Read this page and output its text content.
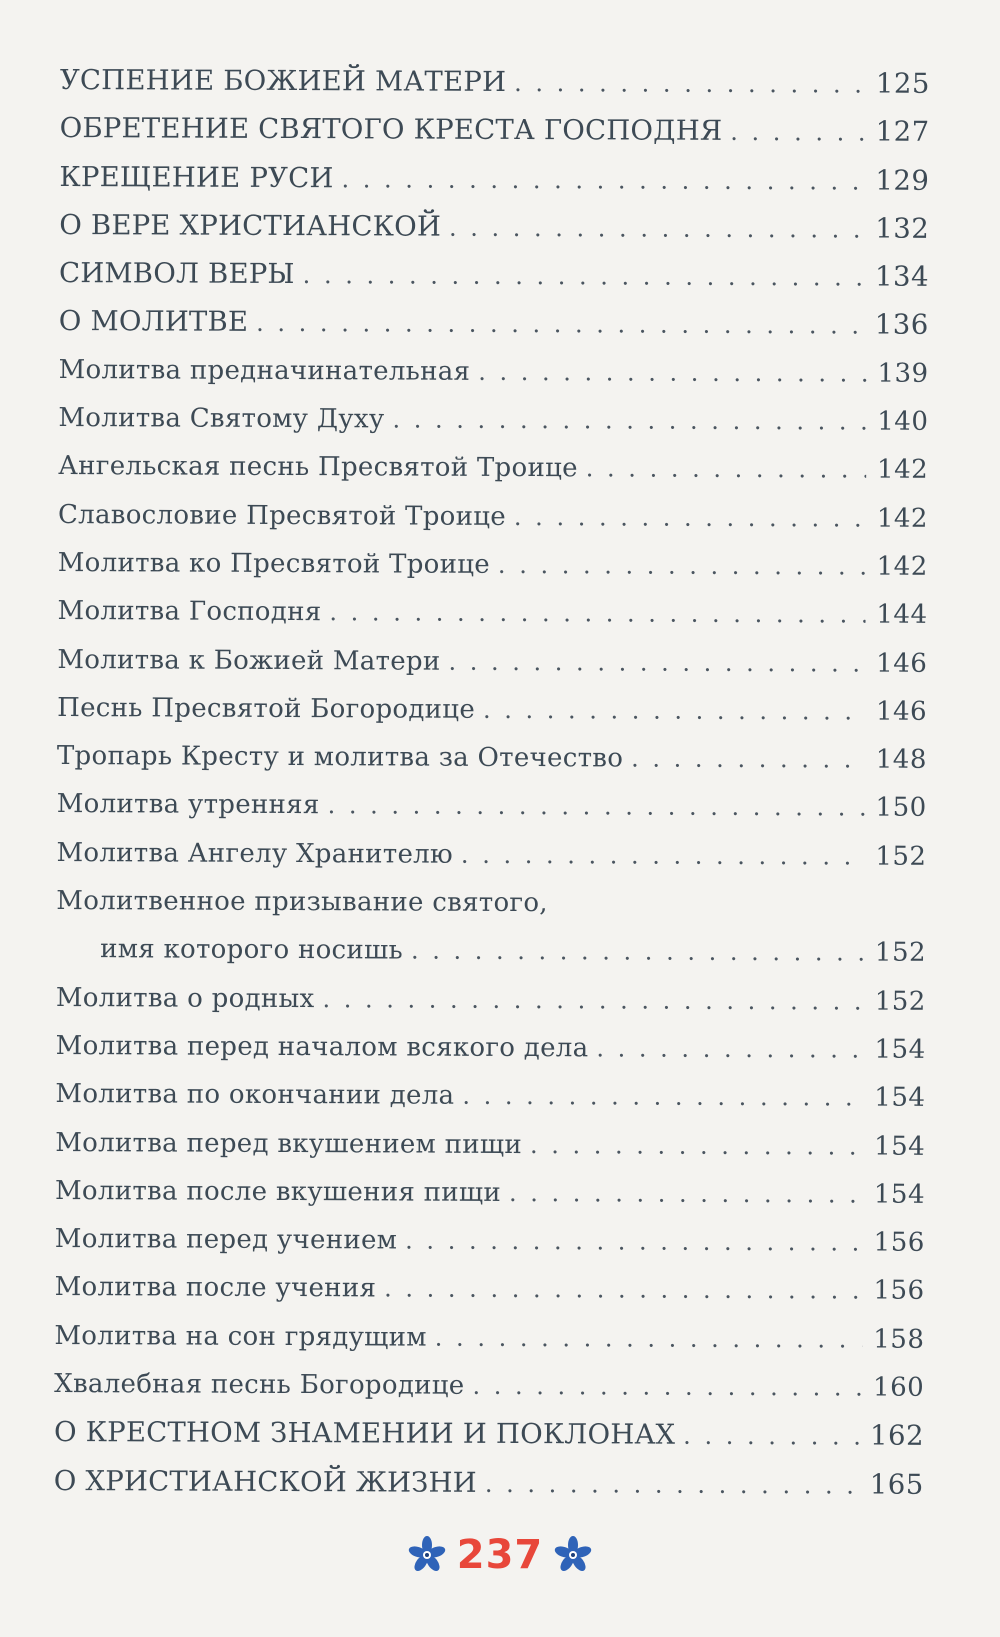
УСПЕНИЕ БОЖИЕЙ МАТЕРИ . . .	125
ОБРЕТЕНИЕ СВЯТОГО КРЕСТА ГОСПОДНЯ . . .	127
КРЕЩЕНИЕ РУСИ . . .	129
О ВЕРЕ ХРИСТИАНСКОЙ . . .	132
СИМВОЛ ВЕРЫ . . .	134
О МОЛИТВЕ . . .	136
Молитва предначинательная . . .	139
Молитва Святому Духу . . .	140
Ангельская песнь Пресвятой Троице . . .	142
Славословие Пресвятой Троице . . .	142
Молитва ко Пресвятой Троице . . .	142
Молитва Господня . . .	144
Молитва к Божией Матери . . .	146
Песнь Пресвятой Богородице . . .	146
Тропарь Кресту и молитва за Отечество . . .	148
Молитва утренняя . . .	150
Молитва Ангелу Хранителю . . .	152
Молитвенное призывание святого,
имя которого носишь . . .	152
Молитва о родных . . .	152
Молитва перед началом всякого дела . . .	154
Молитва по окончании дела . . .	154
Молитва перед вкушением пищи . . .	154
Молитва после вкушения пищи . . .	154
Молитва перед учением . . .	156
Молитва после учения . . .	156
Молитва на сон грядущим . . .	158
Хвалебная песнь Богородице . . .	160
О КРЕСТНОМ ЗНАМЕНИИ И ПОКЛОНАХ . . .	162
О ХРИСТИАНСКОЙ ЖИЗНИ . . .	165
237
